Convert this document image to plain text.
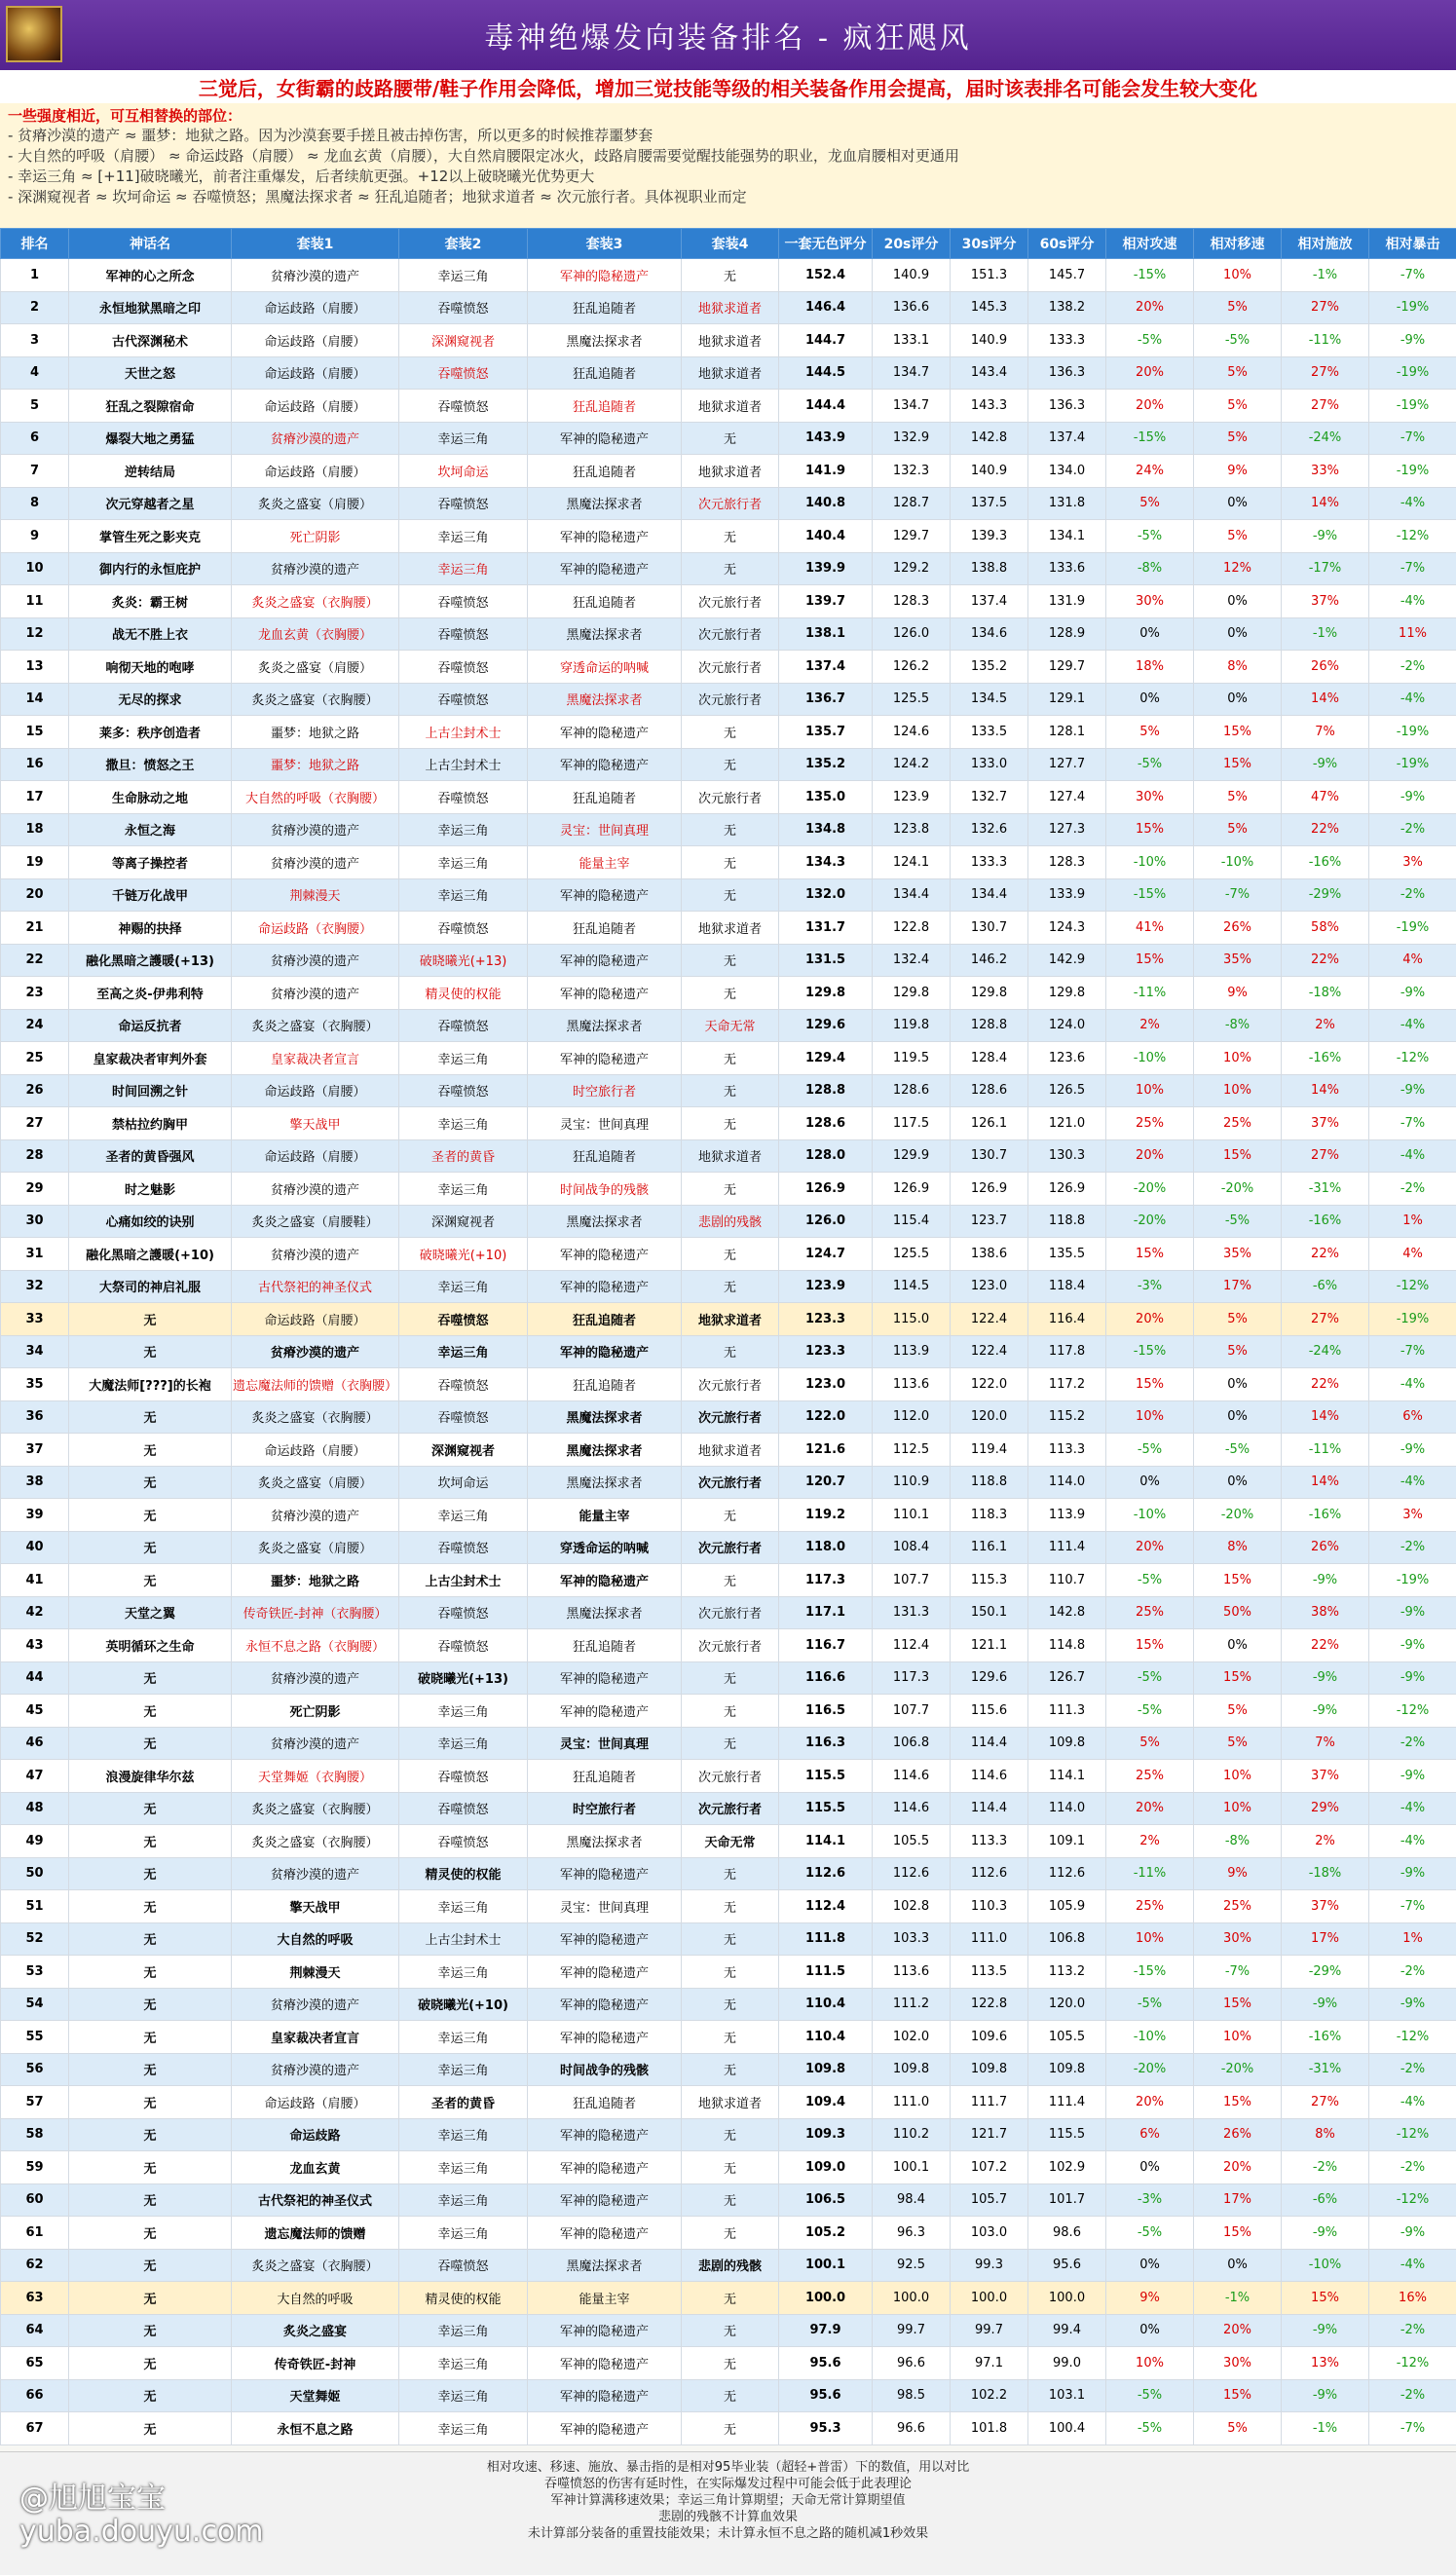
毒神绝爆发向装备排名 - 疯狂飓风
三觉后，女街霸的歧路腰带/鞋子作用会降低，增加三觉技能等级的相关装备作用会提高，届时该表排名可能会发生较大变化
一些强度相近，可互相替换的部位：
- 贫瘠沙漠的遗产 ≈ 噩梦：地狱之路。因为沙漠套要手搓且被击掉伤害，所以更多的时候推荐噩梦套
- 大自然的呼吸（肩腰） ≈ 命运歧路（肩腰） ≈ 龙血玄黄（肩腰），大自然肩腰限定冰火，歧路肩腰需要觉醒技能强势的职业，龙血肩腰相对更通用
- 幸运三角 ≈ [+11]破晓曦光，前者注重爆发，后者续航更强。+12以上破晓曦光优势更大
- 深渊窥视者 ≈ 坎坷命运 ≈ 吞噬愤怒；黑魔法探求者 ≈ 狂乱追随者；地狱求道者 ≈ 次元旅行者。具体视职业而定
排名	神话名	套装1	套装2	套装3	套装4	一套无色评分	20s评分	30s评分	60s评分	相对攻速	相对移速	相对施放	相对暴击
1	军神的心之所念	贫瘠沙漠的遗产	幸运三角	军神的隐秘遗产	无	152.4	140.9	151.3	145.7	-15%	10%	-1%	-7%
2	永恒地狱黑暗之印	命运歧路（肩腰）	吞噬愤怒	狂乱追随者	地狱求道者	146.4	136.6	145.3	138.2	20%	5%	27%	-19%
3	古代深渊秘术	命运歧路（肩腰）	深渊窥视者	黑魔法探求者	地狱求道者	144.7	133.1	140.9	133.3	-5%	-5%	-11%	-9%
4	天世之怒	命运歧路（肩腰）	吞噬愤怒	狂乱追随者	地狱求道者	144.5	134.7	143.4	136.3	20%	5%	27%	-19%
5	狂乱之裂隙宿命	命运歧路（肩腰）	吞噬愤怒	狂乱追随者	地狱求道者	144.4	134.7	143.3	136.3	20%	5%	27%	-19%
6	爆裂大地之勇猛	贫瘠沙漠的遗产	幸运三角	军神的隐秘遗产	无	143.9	132.9	142.8	137.4	-15%	5%	-24%	-7%
7	逆转结局	命运歧路（肩腰）	坎坷命运	狂乱追随者	地狱求道者	141.9	132.3	140.9	134.0	24%	9%	33%	-19%
8	次元穿越者之星	炙炎之盛宴（肩腰）	吞噬愤怒	黑魔法探求者	次元旅行者	140.8	128.7	137.5	131.8	5%	0%	14%	-4%
9	掌管生死之影夹克	死亡阴影	幸运三角	军神的隐秘遗产	无	140.4	129.7	139.3	134.1	-5%	5%	-9%	-12%
10	御内行的永恒庇护	贫瘠沙漠的遗产	幸运三角	军神的隐秘遗产	无	139.9	129.2	138.8	133.6	-8%	12%	-17%	-7%
11	炙炎：霸王树	炙炎之盛宴（衣胸腰）	吞噬愤怒	狂乱追随者	次元旅行者	139.7	128.3	137.4	131.9	30%	0%	37%	-4%
12	战无不胜上衣	龙血玄黄（衣胸腰）	吞噬愤怒	黑魔法探求者	次元旅行者	138.1	126.0	134.6	128.9	0%	0%	-1%	11%
13	响彻天地的咆哮	炙炎之盛宴（肩腰）	吞噬愤怒	穿透命运的呐喊	次元旅行者	137.4	126.2	135.2	129.7	18%	8%	26%	-2%
14	无尽的探求	炙炎之盛宴（衣胸腰）	吞噬愤怒	黑魔法探求者	次元旅行者	136.7	125.5	134.5	129.1	0%	0%	14%	-4%
15	莱多：秩序创造者	噩梦：地狱之路	上古尘封术士	军神的隐秘遗产	无	135.7	124.6	133.5	128.1	5%	15%	7%	-19%
16	撒旦：愤怒之王	噩梦：地狱之路	上古尘封术士	军神的隐秘遗产	无	135.2	124.2	133.0	127.7	-5%	15%	-9%	-19%
17	生命脉动之地	大自然的呼吸（衣胸腰）	吞噬愤怒	狂乱追随者	次元旅行者	135.0	123.9	132.7	127.4	30%	5%	47%	-9%
18	永恒之海	贫瘠沙漠的遗产	幸运三角	灵宝：世间真理	无	134.8	123.8	132.6	127.3	15%	5%	22%	-2%
19	等离子操控者	贫瘠沙漠的遗产	幸运三角	能量主宰	无	134.3	124.1	133.3	128.3	-10%	-10%	-16%	3%
20	千链万化战甲	荆棘漫天	幸运三角	军神的隐秘遗产	无	132.0	134.4	134.4	133.9	-15%	-7%	-29%	-2%
21	神赐的抉择	命运歧路（衣胸腰）	吞噬愤怒	狂乱追随者	地狱求道者	131.7	122.8	130.7	124.3	41%	26%	58%	-19%
22	融化黑暗之護暖(+13)	贫瘠沙漠的遗产	破晓曦光(+13)	军神的隐秘遗产	无	131.5	132.4	146.2	142.9	15%	35%	22%	4%
23	至高之炎-伊弗利特	贫瘠沙漠的遗产	精灵使的权能	军神的隐秘遗产	无	129.8	129.8	129.8	129.8	-11%	9%	-18%	-9%
24	命运反抗者	炙炎之盛宴（衣胸腰）	吞噬愤怒	黑魔法探求者	天命无常	129.6	119.8	128.8	124.0	2%	-8%	2%	-4%
25	皇家裁决者审判外套	皇家裁决者宣言	幸运三角	军神的隐秘遗产	无	129.4	119.5	128.4	123.6	-10%	10%	-16%	-12%
26	时间回溯之针	命运歧路（肩腰）	吞噬愤怒	时空旅行者	无	128.8	128.6	128.6	126.5	10%	10%	14%	-9%
27	禁枯拉约胸甲	擎天战甲	幸运三角	灵宝：世间真理	无	128.6	117.5	126.1	121.0	25%	25%	37%	-7%
28	圣者的黄昏强风	命运歧路（肩腰）	圣者的黄昏	狂乱追随者	地狱求道者	128.0	129.9	130.7	130.3	20%	15%	27%	-4%
29	时之魅影	贫瘠沙漠的遗产	幸运三角	时间战争的残骸	无	126.9	126.9	126.9	126.9	-20%	-20%	-31%	-2%
30	心痛如绞的诀别	炙炎之盛宴（肩腰鞋）	深渊窥视者	黑魔法探求者	悲剧的残骸	126.0	115.4	123.7	118.8	-20%	-5%	-16%	1%
31	融化黑暗之護暖(+10)	贫瘠沙漠的遗产	破晓曦光(+10)	军神的隐秘遗产	无	124.7	125.5	138.6	135.5	15%	35%	22%	4%
32	大祭司的神启礼服	古代祭祀的神圣仪式	幸运三角	军神的隐秘遗产	无	123.9	114.5	123.0	118.4	-3%	17%	-6%	-12%
33	无	命运歧路（肩腰）	吞噬愤怒	狂乱追随者	地狱求道者	123.3	115.0	122.4	116.4	20%	5%	27%	-19%
34	无	贫瘠沙漠的遗产	幸运三角	军神的隐秘遗产	无	123.3	113.9	122.4	117.8	-15%	5%	-24%	-7%
35	大魔法师[???]的长袍	遗忘魔法师的馈赠（衣胸腰）	吞噬愤怒	狂乱追随者	次元旅行者	123.0	113.6	122.0	117.2	15%	0%	22%	-4%
36	无	炙炎之盛宴（衣胸腰）	吞噬愤怒	黑魔法探求者	次元旅行者	122.0	112.0	120.0	115.2	10%	0%	14%	6%
37	无	命运歧路（肩腰）	深渊窥视者	黑魔法探求者	地狱求道者	121.6	112.5	119.4	113.3	-5%	-5%	-11%	-9%
38	无	炙炎之盛宴（肩腰）	坎坷命运	黑魔法探求者	次元旅行者	120.7	110.9	118.8	114.0	0%	0%	14%	-4%
39	无	贫瘠沙漠的遗产	幸运三角	能量主宰	无	119.2	110.1	118.3	113.9	-10%	-20%	-16%	3%
40	无	炙炎之盛宴（肩腰）	吞噬愤怒	穿透命运的呐喊	次元旅行者	118.0	108.4	116.1	111.4	20%	8%	26%	-2%
41	无	噩梦：地狱之路	上古尘封术士	军神的隐秘遗产	无	117.3	107.7	115.3	110.7	-5%	15%	-9%	-19%
42	天堂之翼	传奇铁匠-封神（衣胸腰）	吞噬愤怒	黑魔法探求者	次元旅行者	117.1	131.3	150.1	142.8	25%	50%	38%	-9%
43	英明循环之生命	永恒不息之路（衣胸腰）	吞噬愤怒	狂乱追随者	次元旅行者	116.7	112.4	121.1	114.8	15%	0%	22%	-9%
44	无	贫瘠沙漠的遗产	破晓曦光(+13)	军神的隐秘遗产	无	116.6	117.3	129.6	126.7	-5%	15%	-9%	-9%
45	无	死亡阴影	幸运三角	军神的隐秘遗产	无	116.5	107.7	115.6	111.3	-5%	5%	-9%	-12%
46	无	贫瘠沙漠的遗产	幸运三角	灵宝：世间真理	无	116.3	106.8	114.4	109.8	5%	5%	7%	-2%
47	浪漫旋律华尔兹	天堂舞姬（衣胸腰）	吞噬愤怒	狂乱追随者	次元旅行者	115.5	114.6	114.6	114.1	25%	10%	37%	-9%
48	无	炙炎之盛宴（衣胸腰）	吞噬愤怒	时空旅行者	次元旅行者	115.5	114.6	114.4	114.0	20%	10%	29%	-4%
49	无	炙炎之盛宴（衣胸腰）	吞噬愤怒	黑魔法探求者	天命无常	114.1	105.5	113.3	109.1	2%	-8%	2%	-4%
50	无	贫瘠沙漠的遗产	精灵使的权能	军神的隐秘遗产	无	112.6	112.6	112.6	112.6	-11%	9%	-18%	-9%
51	无	擎天战甲	幸运三角	灵宝：世间真理	无	112.4	102.8	110.3	105.9	25%	25%	37%	-7%
52	无	大自然的呼吸	上古尘封术士	军神的隐秘遗产	无	111.8	103.3	111.0	106.8	10%	30%	17%	1%
53	无	荆棘漫天	幸运三角	军神的隐秘遗产	无	111.5	113.6	113.5	113.2	-15%	-7%	-29%	-2%
54	无	贫瘠沙漠的遗产	破晓曦光(+10)	军神的隐秘遗产	无	110.4	111.2	122.8	120.0	-5%	15%	-9%	-9%
55	无	皇家裁决者宣言	幸运三角	军神的隐秘遗产	无	110.4	102.0	109.6	105.5	-10%	10%	-16%	-12%
56	无	贫瘠沙漠的遗产	幸运三角	时间战争的残骸	无	109.8	109.8	109.8	109.8	-20%	-20%	-31%	-2%
57	无	命运歧路（肩腰）	圣者的黄昏	狂乱追随者	地狱求道者	109.4	111.0	111.7	111.4	20%	15%	27%	-4%
58	无	命运歧路	幸运三角	军神的隐秘遗产	无	109.3	110.2	121.7	115.5	6%	26%	8%	-12%
59	无	龙血玄黄	幸运三角	军神的隐秘遗产	无	109.0	100.1	107.2	102.9	0%	20%	-2%	-2%
60	无	古代祭祀的神圣仪式	幸运三角	军神的隐秘遗产	无	106.5	98.4	105.7	101.7	-3%	17%	-6%	-12%
61	无	遗忘魔法师的馈赠	幸运三角	军神的隐秘遗产	无	105.2	96.3	103.0	98.6	-5%	15%	-9%	-9%
62	无	炙炎之盛宴（衣胸腰）	吞噬愤怒	黑魔法探求者	悲剧的残骸	100.1	92.5	99.3	95.6	0%	0%	-10%	-4%
63	无	大自然的呼吸	精灵使的权能	能量主宰	无	100.0	100.0	100.0	100.0	9%	-1%	15%	16%
64	无	炙炎之盛宴	幸运三角	军神的隐秘遗产	无	97.9	99.7	99.7	99.4	0%	20%	-9%	-2%
65	无	传奇铁匠-封神	幸运三角	军神的隐秘遗产	无	95.6	96.6	97.1	99.0	10%	30%	13%	-12%
66	无	天堂舞姬	幸运三角	军神的隐秘遗产	无	95.6	98.5	102.2	103.1	-5%	15%	-9%	-2%
67	无	永恒不息之路	幸运三角	军神的隐秘遗产	无	95.3	96.6	101.8	100.4	-5%	5%	-1%	-7%
相对攻速、移速、施放、暴击指的是相对95毕业装（超轻+普雷）下的数值，用以对比
吞噬愤怒的伤害有延时性，在实际爆发过程中可能会低于此表理论
军神计算满移速效果；幸运三角计算期望；天命无常计算期望值
悲剧的残骸不计算血效果
未计算部分装备的重置技能效果；未计算永恒不息之路的随机减1秒效果
@旭旭宝宝
yuba.douyu.com
